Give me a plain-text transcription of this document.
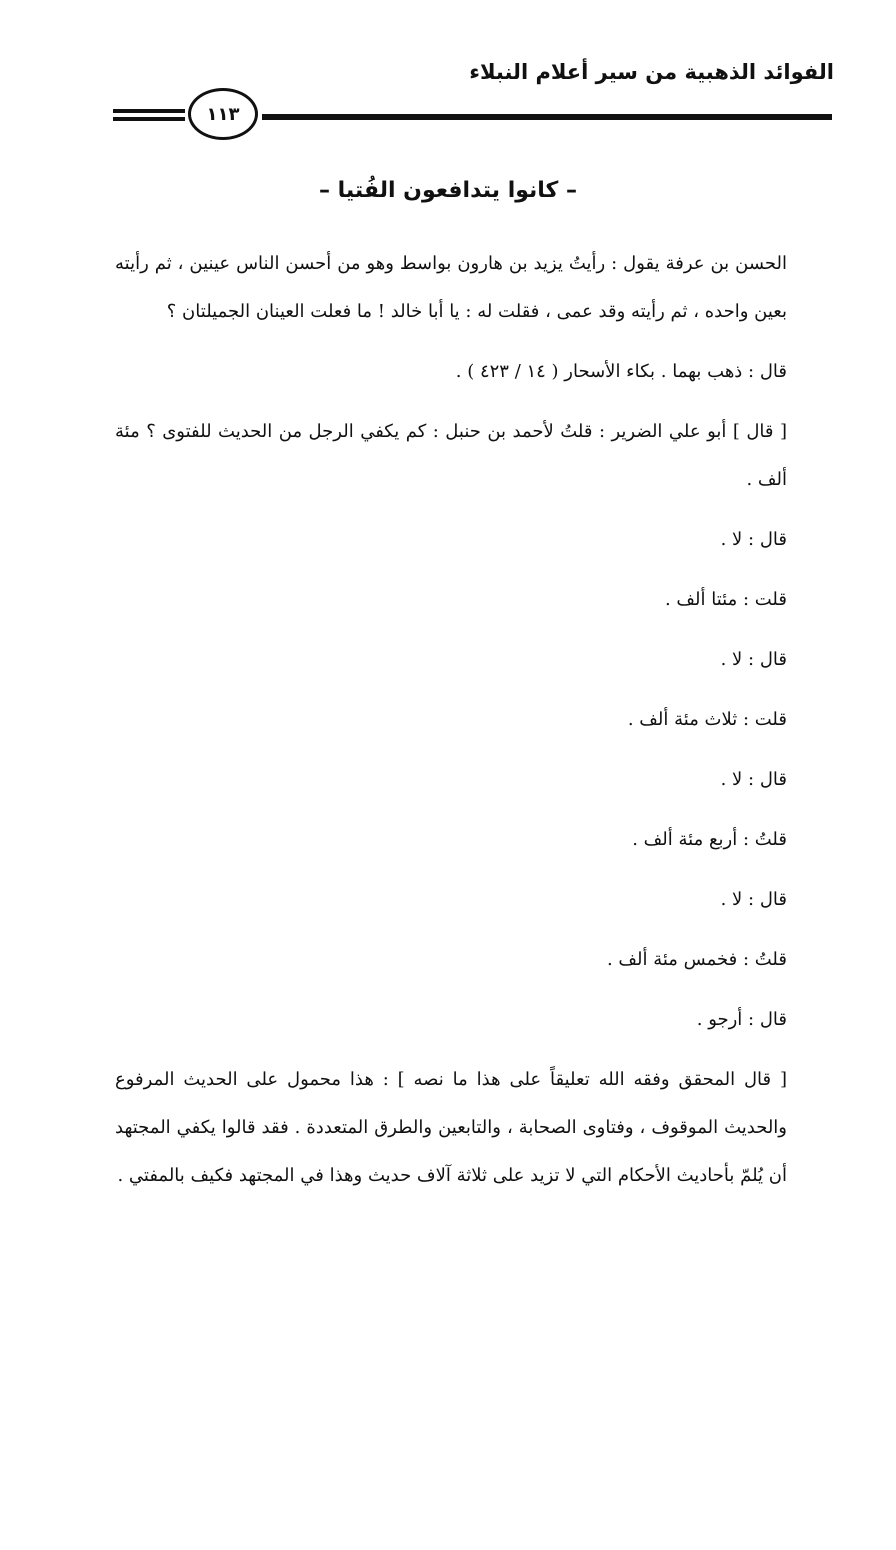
الفوائد الذهبية من سير أعلام النبلاء
١١٣
– كانوا يتدافعون الفُتيا –

الحسن بن عرفة يقول : رأيتُ يزيد بن هارون بواسط وهو من أحسن الناس عينين ، ثم رأيته بعين واحده ، ثم رأيته وقد عمى ، فقلت له : يا أبا خالد ! ما فعلت العينان الجميلتان ؟

قال : ذهب بهما . بكاء الأسحار ( ١٤ / ٤٢٣ ) .

[ قال ] أبو علي الضرير : قلتُ لأحمد بن حنبل : كم يكفي الرجل من الحديث للفتوى ؟ مئة ألف .

قال : لا .

قلت : مئتا ألف .

قال : لا .

قلت : ثلاث مئة ألف .

قال : لا .

قلتُ : أربع مئة ألف .

قال : لا .

قلتُ : فخمس مئة ألف .

قال : أرجو .

[ قال المحقق وفقه الله تعليقاً على هذا ما نصه ] : هذا محمول على الحديث المرفوع والحديث الموقوف ، وفتاوى الصحابة ، والتابعين والطرق المتعددة . فقد قالوا يكفي المجتهد أن يُلمّ بأحاديث الأحكام التي لا تزيد على ثلاثة آلاف حديث وهذا في المجتهد فكيف بالمفتي .
